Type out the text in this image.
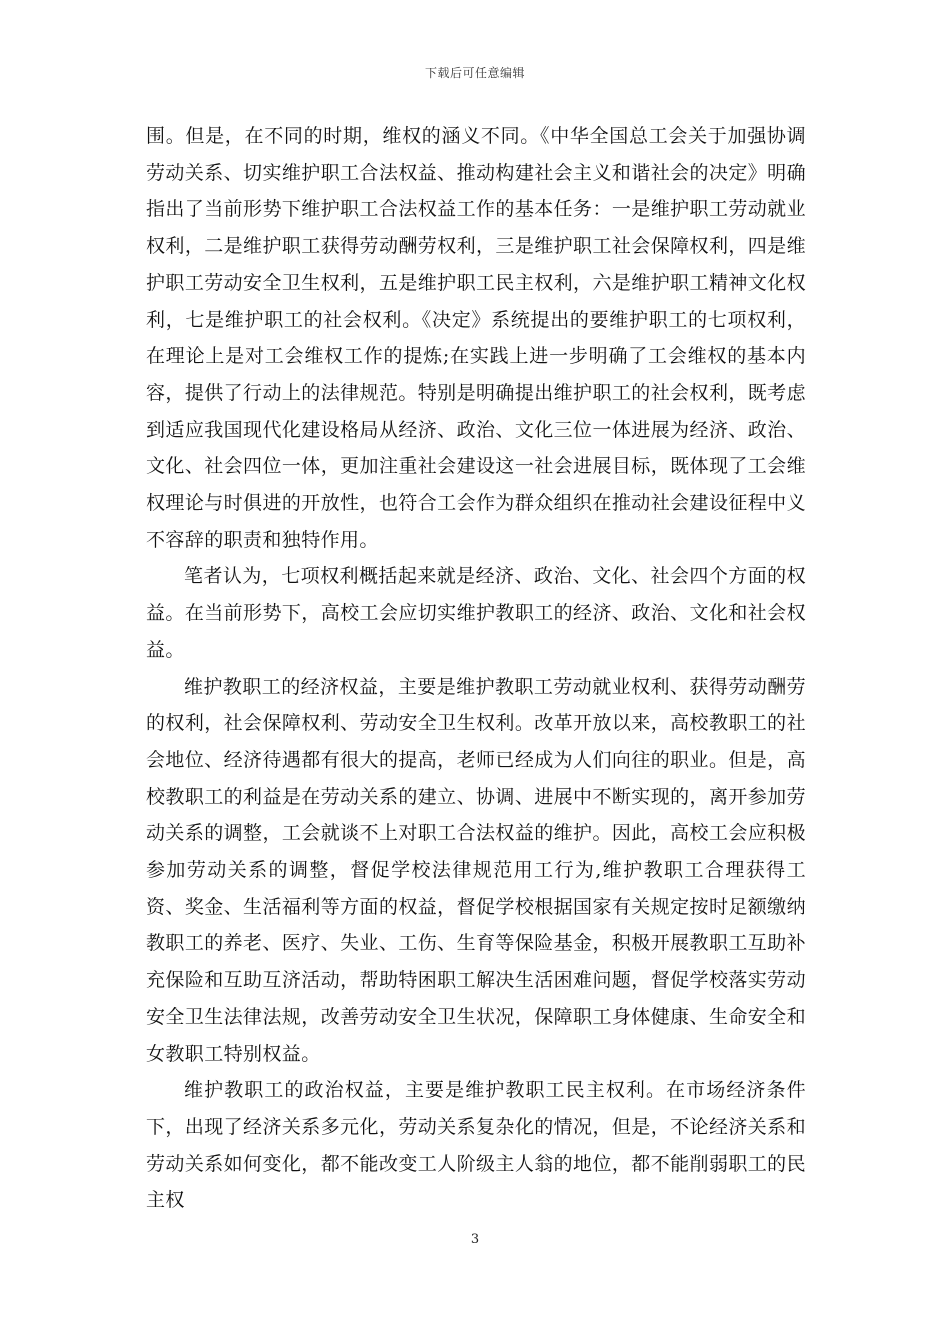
下载后可任意编辑

围。但是，在不同的时期，维权的涵义不同。《中华全国总工会关于加强协调劳动关系、切实维护职工合法权益、推动构建社会主义和谐社会的决定》明确指出了当前形势下维护职工合法权益工作的基本任务：一是维护职工劳动就业权利，二是维护职工获得劳动酬劳权利，三是维护职工社会保障权利，四是维护职工劳动安全卫生权利，五是维护职工民主权利，六是维护职工精神文化权利，七是维护职工的社会权利。《决定》系统提出的要维护职工的七项权利，在理论上是对工会维权工作的提炼;在实践上进一步明确了工会维权的基本内容，提供了行动上的法律规范。特别是明确提出维护职工的社会权利，既考虑到适应我国现代化建设格局从经济、政治、文化三位一体进展为经济、政治、文化、社会四位一体，更加注重社会建设这一社会进展目标，既体现了工会维权理论与时俱进的开放性，也符合工会作为群众组织在推动社会建设征程中义不容辞的职责和独特作用。

笔者认为，七项权利概括起来就是经济、政治、文化、社会四个方面的权益。在当前形势下，高校工会应切实维护教职工的经济、政治、文化和社会权益。

维护教职工的经济权益，主要是维护教职工劳动就业权利、获得劳动酬劳的权利，社会保障权利、劳动安全卫生权利。改革开放以来，高校教职工的社会地位、经济待遇都有很大的提高，老师已经成为人们向往的职业。但是，高校教职工的利益是在劳动关系的建立、协调、进展中不断实现的，离开参加劳动关系的调整，工会就谈不上对职工合法权益的维护。因此，高校工会应积极参加劳动关系的调整，督促学校法律规范用工行为,维护教职工合理获得工资、奖金、生活福利等方面的权益，督促学校根据国家有关规定按时足额缴纳教职工的养老、医疗、失业、工伤、生育等保险基金，积极开展教职工互助补充保险和互助互济活动，帮助特困职工解决生活困难问题，督促学校落实劳动安全卫生法律法规，改善劳动安全卫生状况，保障职工身体健康、生命安全和女教职工特别权益。

维护教职工的政治权益，主要是维护教职工民主权利。在市场经济条件下，出现了经济关系多元化，劳动关系复杂化的情况，但是，不论经济关系和劳动关系如何变化，都不能改变工人阶级主人翁的地位，都不能削弱职工的民主权

3
